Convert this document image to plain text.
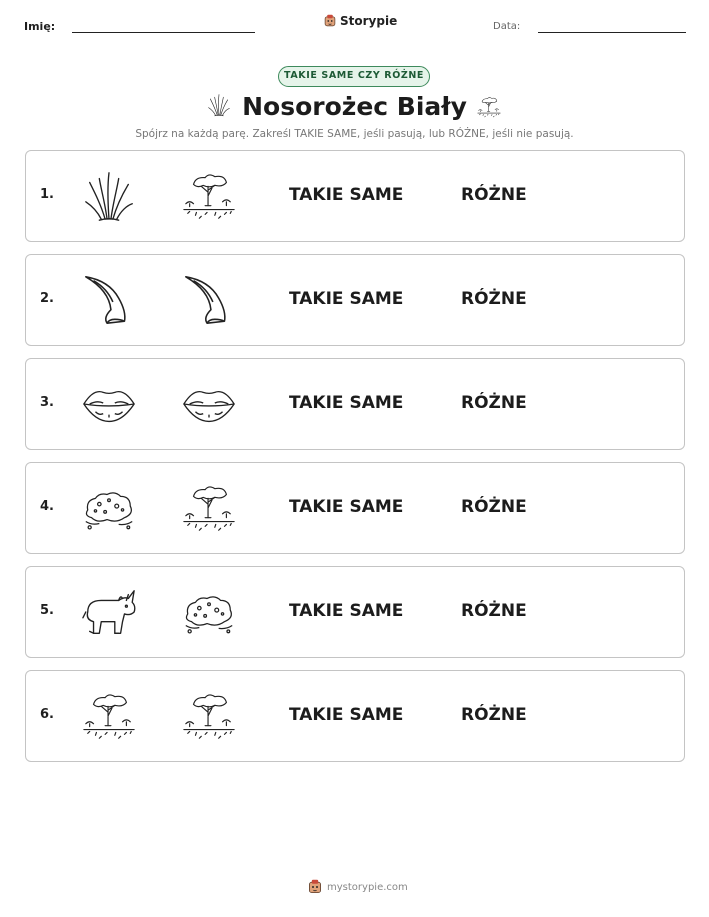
Imię:	Storypie	Data:
TAKIE SAME CZY RÓŻNE
Nosorożec Biały
Spójrz na każdą parę. Zakreśl TAKIE SAME, jeśli pasują, lub RÓŻNE, jeśli nie pasują.
1.	TAKIE SAME	RÓŻNE
2.	TAKIE SAME	RÓŻNE
3.	TAKIE SAME	RÓŻNE
4.	TAKIE SAME	RÓŻNE
5.	TAKIE SAME	RÓŻNE
6.	TAKIE SAME	RÓŻNE
mystorypie.com
